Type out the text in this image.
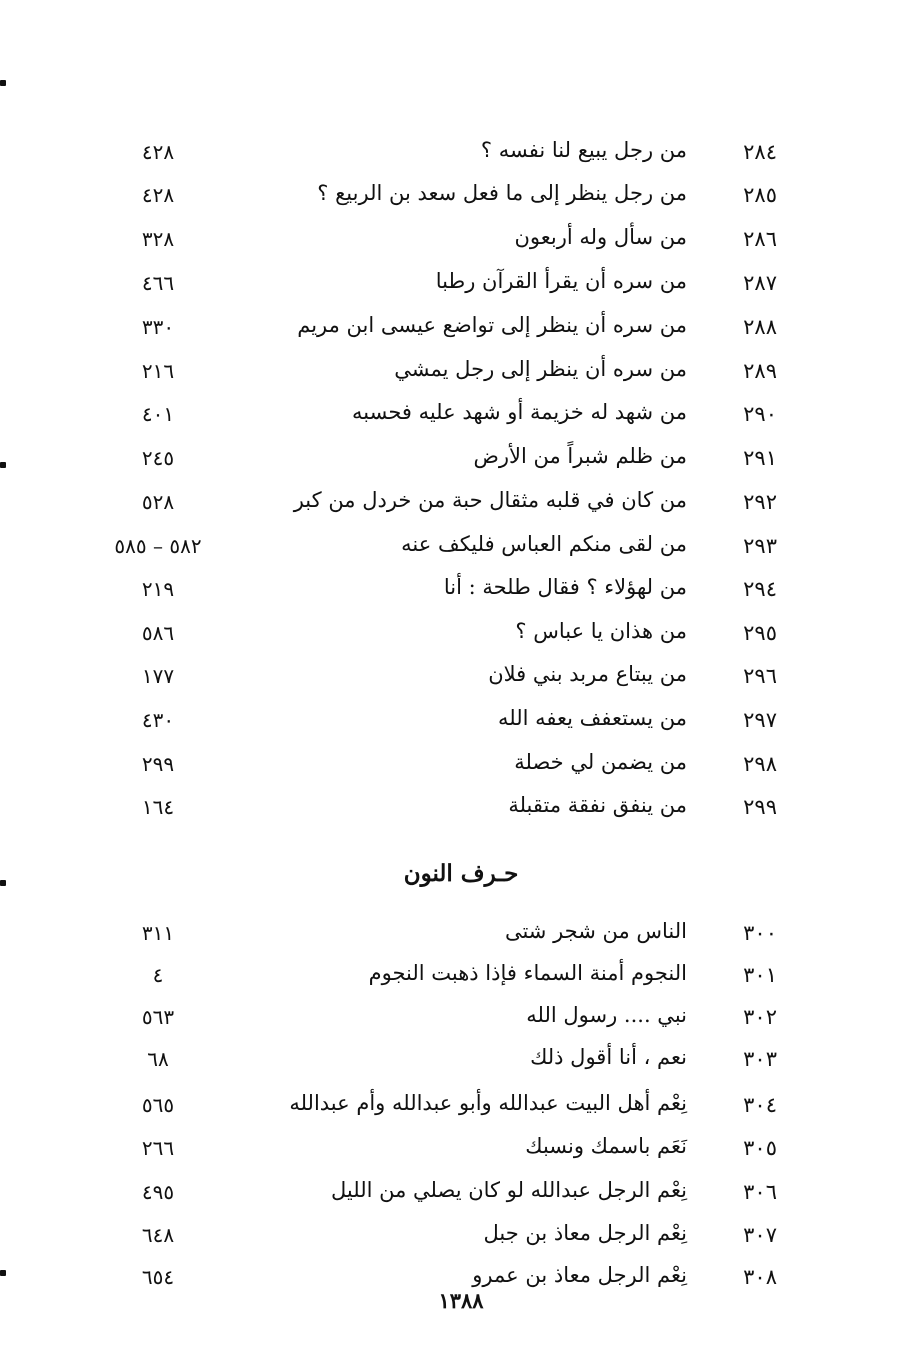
٢٨٤
من رجل يبيع لنا نفسه ؟
٤٢٨
٢٨٥
من رجل ينظر إلى ما فعل سعد بن الربيع ؟
٤٢٨
٢٨٦
من سأل وله أربعون
٣٢٨
٢٨٧
من سره أن يقرأ القرآن رطبا
٤٦٦
٢٨٨
من سره أن ينظر إلى تواضع عيسى ابن مريم
٣٣٠
٢٨٩
من سره أن ينظر إلى رجل يمشي
٢١٦
٢٩٠
من شهد له خزيمة أو شهد عليه فحسبه
٤٠١
٢٩١
من ظلم شبراً من الأرض
٢٤٥
٢٩٢
من كان في قلبه مثقال حبة من خردل من كبر
٥٢٨
٢٩٣
من لقى منكم العباس فليكف عنه
٥٨٢ – ٥٨٥
٢٩٤
من لهؤلاء ؟ فقال طلحة : أنا
٢١٩
٢٩٥
من هذان يا عباس ؟
٥٨٦
٢٩٦
من يبتاع مربد بني فلان
١٧٧
٢٩٧
من يستعفف يعفه الله
٤٣٠
٢٩٨
من يضمن لي خصلة
٢٩٩
٢٩٩
من ينفق نفقة متقبلة
١٦٤
حـرف النون
٣٠٠
الناس من شجر شتى
٣١١
٣٠١
النجوم أمنة السماء فإذا ذهبت النجوم
٤
٣٠٢
نبي .... رسول الله
٥٦٣
٣٠٣
نعم ، أنا أقول ذلك
٦٨
٣٠٤
نِعْم أهل البيت عبدالله وأبو عبدالله وأم عبدالله
٥٦٥
٣٠٥
نَعَم باسمك ونسبك
٢٦٦
٣٠٦
نِعْم الرجل عبدالله لو كان يصلي من الليل
٤٩٥
٣٠٧
نِعْم الرجل معاذ بن جبل
٦٤٨
٣٠٨
نِعْم الرجل معاذ بن عمرو
٦٥٤
١٣٨٨
